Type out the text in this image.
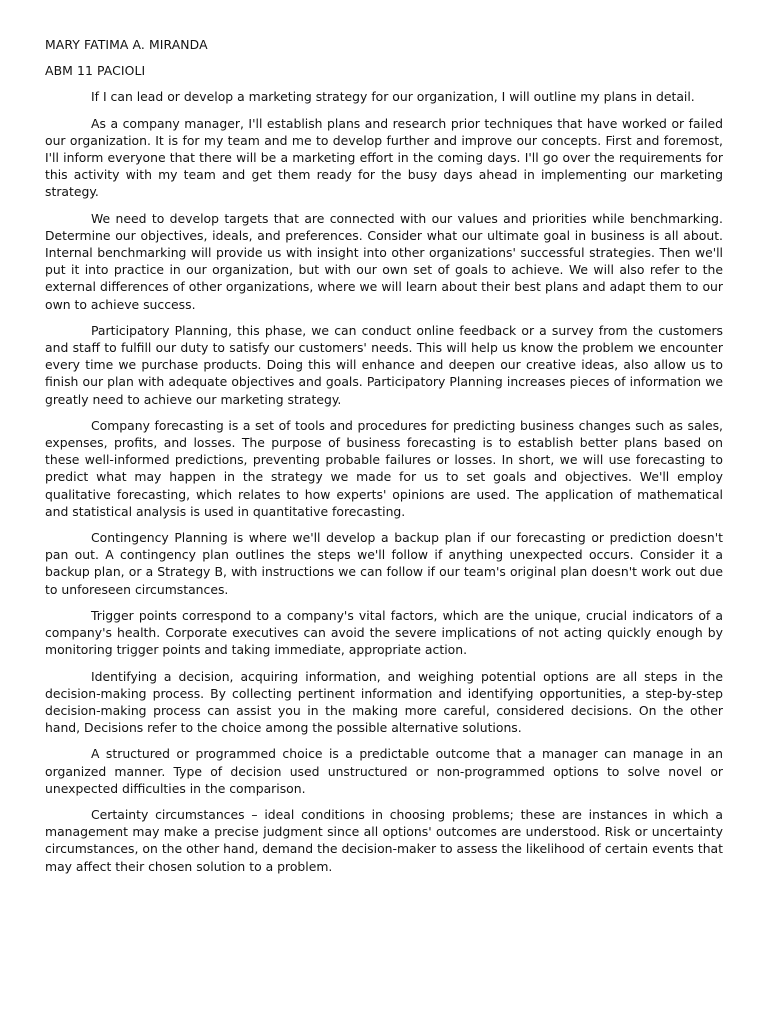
MARY FATIMA A. MIRANDA
ABM 11 PACIOLI

If I can lead or develop a marketing strategy for our organization, I will outline my plans in detail.

As a company manager, I'll establish plans and research prior techniques that have worked or failed our organization. It is for my team and me to develop further and improve our concepts. First and foremost, I'll inform everyone that there will be a marketing effort in the coming days. I'll go over the requirements for this activity with my team and get them ready for the busy days ahead in implementing our marketing strategy.

We need to develop targets that are connected with our values and priorities while benchmarking. Determine our objectives, ideals, and preferences. Consider what our ultimate goal in business is all about. Internal benchmarking will provide us with insight into other organizations' successful strategies. Then we'll put it into practice in our organization, but with our own set of goals to achieve. We will also refer to the external differences of other organizations, where we will learn about their best plans and adapt them to our own to achieve success.

Participatory Planning, this phase, we can conduct online feedback or a survey from the customers and staff to fulfill our duty to satisfy our customers' needs. This will help us know the problem we encounter every time we purchase products. Doing this will enhance and deepen our creative ideas, also allow us to finish our plan with adequate objectives and goals. Participatory Planning increases pieces of information we greatly need to achieve our marketing strategy.

Company forecasting is a set of tools and procedures for predicting business changes such as sales, expenses, profits, and losses. The purpose of business forecasting is to establish better plans based on these well-informed predictions, preventing probable failures or losses. In short, we will use forecasting to predict what may happen in the strategy we made for us to set goals and objectives. We'll employ qualitative forecasting, which relates to how experts' opinions are used. The application of mathematical and statistical analysis is used in quantitative forecasting.

Contingency Planning is where we'll develop a backup plan if our forecasting or prediction doesn't pan out. A contingency plan outlines the steps we'll follow if anything unexpected occurs. Consider it a backup plan, or a Strategy B, with instructions we can follow if our team's original plan doesn't work out due to unforeseen circumstances.

Trigger points correspond to a company's vital factors, which are the unique, crucial indicators of a company's health. Corporate executives can avoid the severe implications of not acting quickly enough by monitoring trigger points and taking immediate, appropriate action.

Identifying a decision, acquiring information, and weighing potential options are all steps in the decision-making process. By collecting pertinent information and identifying opportunities, a step-by-step decision-making process can assist you in the making more careful, considered decisions. On the other hand, Decisions refer to the choice among the possible alternative solutions.

A structured or programmed choice is a predictable outcome that a manager can manage in an organized manner. Type of decision used unstructured or non-programmed options to solve novel or unexpected difficulties in the comparison.

Certainty circumstances – ideal conditions in choosing problems; these are instances in which a management may make a precise judgment since all options' outcomes are understood. Risk or uncertainty circumstances, on the other hand, demand the decision-maker to assess the likelihood of certain events that may affect their chosen solution to a problem.
